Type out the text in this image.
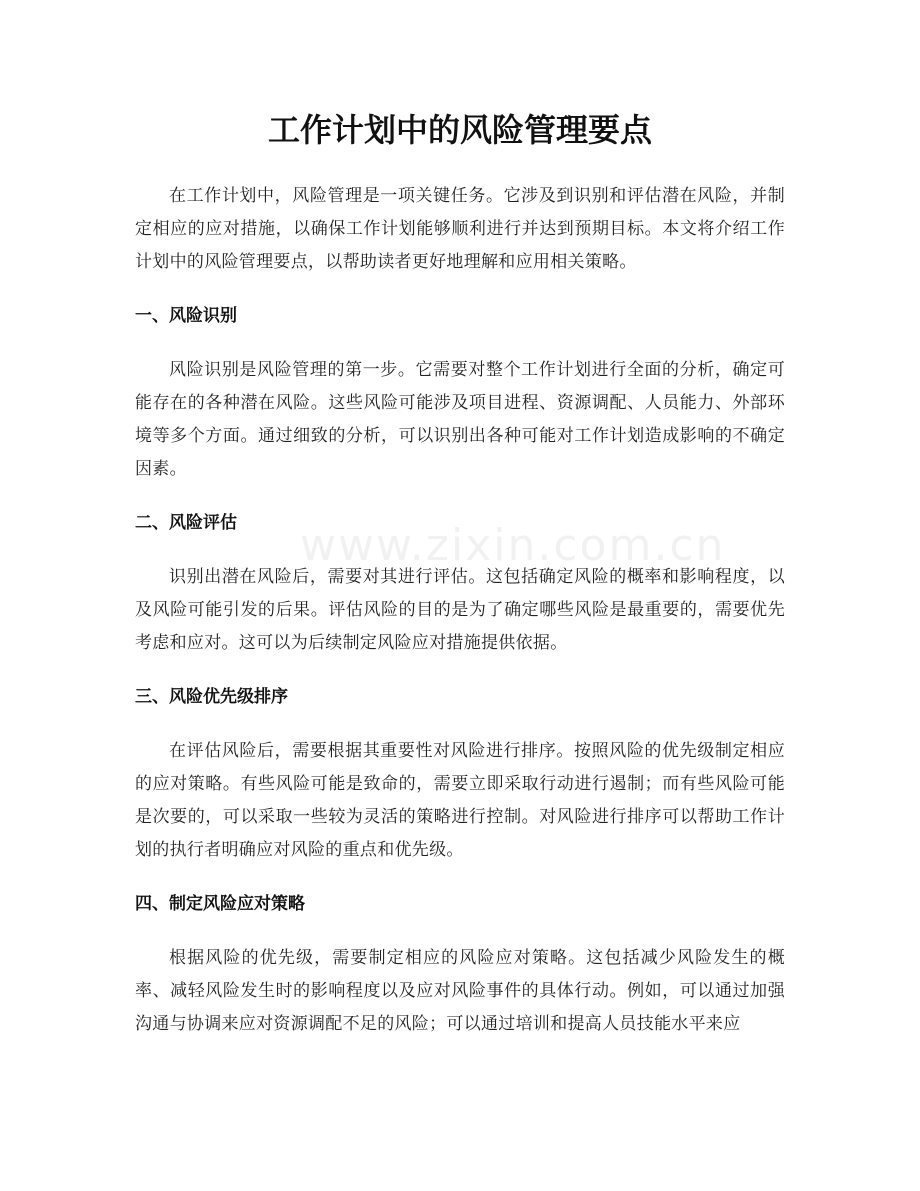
工作计划中的风险管理要点

在工作计划中，风险管理是一项关键任务。它涉及到识别和评估潜在风险，并制定相应的应对措施，以确保工作计划能够顺利进行并达到预期目标。本文将介绍工作计划中的风险管理要点，以帮助读者更好地理解和应用相关策略。

一、风险识别

风险识别是风险管理的第一步。它需要对整个工作计划进行全面的分析，确定可能存在的各种潜在风险。这些风险可能涉及项目进程、资源调配、人员能力、外部环境等多个方面。通过细致的分析，可以识别出各种可能对工作计划造成影响的不确定因素。

二、风险评估

识别出潜在风险后，需要对其进行评估。这包括确定风险的概率和影响程度，以及风险可能引发的后果。评估风险的目的是为了确定哪些风险是最重要的，需要优先考虑和应对。这可以为后续制定风险应对措施提供依据。

三、风险优先级排序

在评估风险后，需要根据其重要性对风险进行排序。按照风险的优先级制定相应的应对策略。有些风险可能是致命的，需要立即采取行动进行遏制；而有些风险可能是次要的，可以采取一些较为灵活的策略进行控制。对风险进行排序可以帮助工作计划的执行者明确应对风险的重点和优先级。

四、制定风险应对策略

根据风险的优先级，需要制定相应的风险应对策略。这包括减少风险发生的概率、减轻风险发生时的影响程度以及应对风险事件的具体行动。例如，可以通过加强沟通与协调来应对资源调配不足的风险；可以通过培训和提高人员技能水平来应

www.zixin.com.cn
